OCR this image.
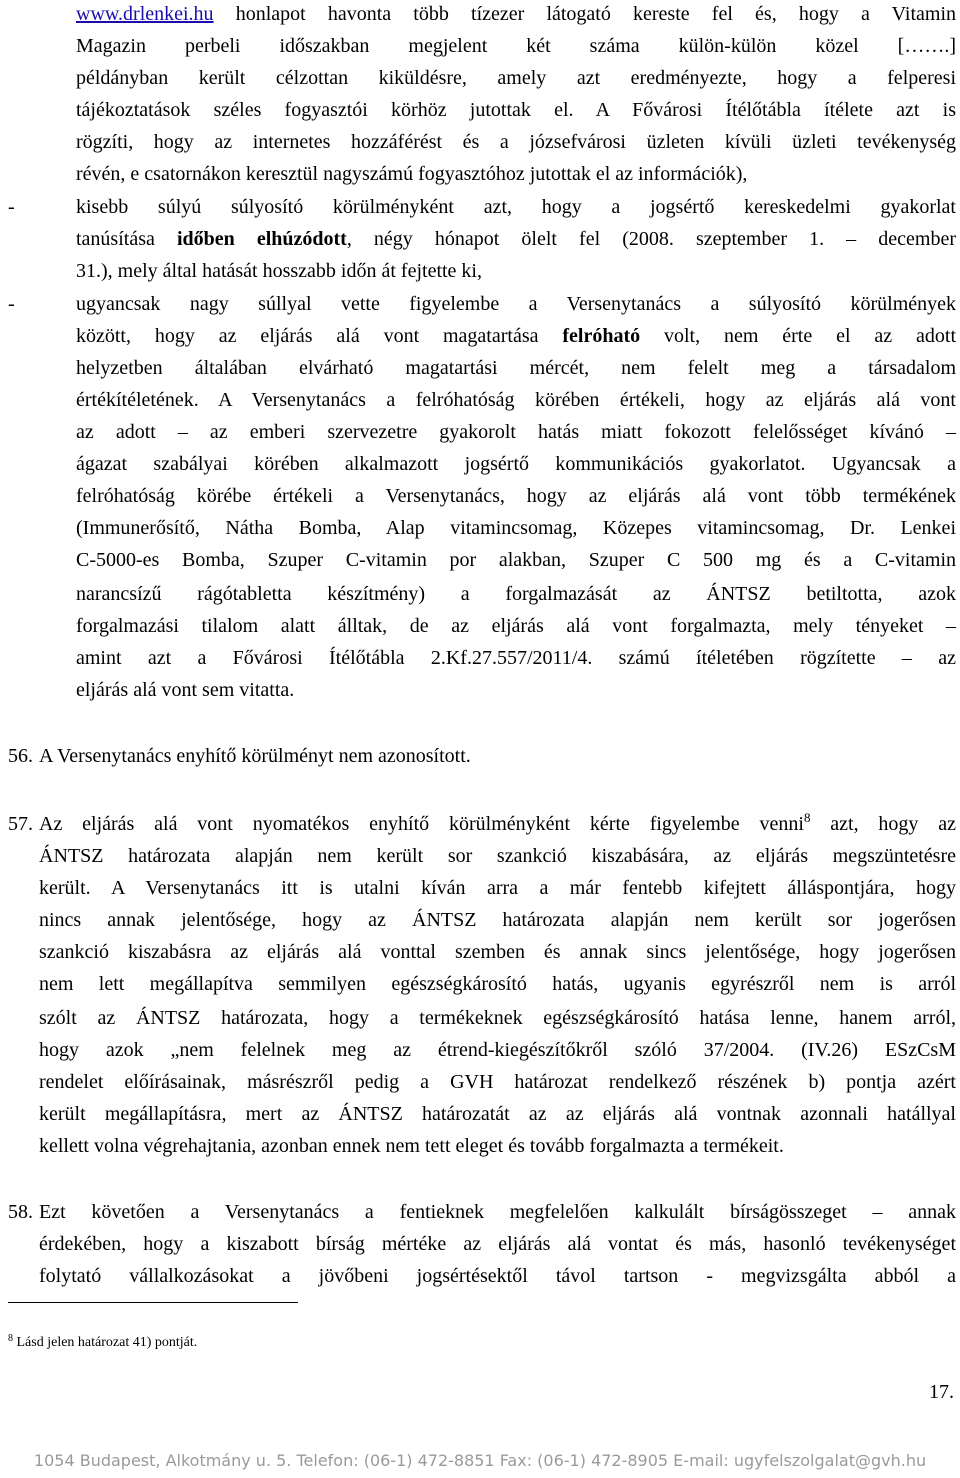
www.drlenkei.hu honlapot havonta több tízezer látogató kereste fel és, hogy a Vitamin

Magazin perbeli időszakban megjelent két száma külön-külön közel […….]

példányban került célzottan kiküldésre, amely azt eredményezte, hogy a felperesi

tájékoztatások széles fogyasztói körhöz jutottak el. A Fővárosi Ítélőtábla ítélete azt is

rögzíti, hogy az internetes hozzáférést és a józsefvárosi üzleten kívüli üzleti tevékenység

révén, e csatornákon keresztül nagyszámú fogyasztóhoz jutottak el az információk),

-	kisebb súlyú súlyosító körülményként azt, hogy a jogsértő kereskedelmi gyakorlat

tanúsítása időben elhúzódott, négy hónapot ölelt fel (2008. szeptember 1. – december

31.), mely által hatását hosszabb időn át fejtette ki,

-	ugyancsak nagy súllyal vette figyelembe a Versenytanács a súlyosító körülmények

között, hogy az eljárás alá vont magatartása felróható volt, nem érte el az adott

helyzetben általában elvárható magatartási mércét, nem felelt meg a társadalom

értékítéletének. A Versenytanács a felróhatóság körében értékeli, hogy az eljárás alá vont

az adott – az emberi szervezetre gyakorolt hatás miatt fokozott felelősséget kívánó –

ágazat szabályai körében alkalmazott jogsértő kommunikációs gyakorlatot. Ugyancsak a

felróhatóság körébe értékeli a Versenytanács, hogy az eljárás alá vont több termékének

(Immunerősítő, Nátha Bomba, Alap vitamincsomag, Közepes vitamincsomag, Dr. Lenkei

C-5000-es Bomba, Szuper C-vitamin por alakban, Szuper C 500 mg és a C-vitamin

narancsízű rágótabletta készítmény) a forgalmazását az ÁNTSZ betiltotta, azok

forgalmazási tilalom alatt álltak, de az eljárás alá vont forgalmazta, mely tényeket –

amint azt a Fővárosi Ítélőtábla 2.Kf.27.557/2011/4. számú ítéletében rögzítette – az

eljárás alá vont sem vitatta.

56. A Versenytanács enyhítő körülményt nem azonosított.

57. Az eljárás alá vont nyomatékos enyhítő körülményként kérte figyelembe venni$^8$ azt, hogy az

ÁNTSZ határozata alapján nem került sor szankció kiszabására, az eljárás megszüntetésre

került. A Versenytanács itt is utalni kíván arra a már fentebb kifejtett álláspontjára, hogy

nincs annak jelentősége, hogy az ÁNTSZ határozata alapján nem került sor jogerősen

szankció kiszabásra az eljárás alá vonttal szemben és annak sincs jelentősége, hogy jogerősen

nem lett megállapítva semmilyen egészségkárosító hatás, ugyanis egyrészről nem is arról

szólt az ÁNTSZ határozata, hogy a termékeknek egészségkárosító hatása lenne, hanem arról,

hogy azok „nem felelnek meg az étrend-kiegészítőkről szóló 37/2004. (IV.26) ESzCsM

rendelet előírásainak, másrészről pedig a GVH határozat rendelkező részének b) pontja azért

került megállapításra, mert az ÁNTSZ határozatát az az eljárás alá vontnak azonnali hatállyal

kellett volna végrehajtania, azonban ennek nem tett eleget és tovább forgalmazta a termékeit.

58. Ezt követően a Versenytanács a fentieknek megfelelően kalkulált bírságösszeget – annak

érdekében, hogy a kiszabott bírság mértéke az eljárás alá vontat és más, hasonló tevékenységet

folytató vállalkozásokat a jövőbeni jogsértésektől távol tartson - megvizsgálta abból a

$^8$ Lásd jelen határozat 41) pontját.

17.
1054 Budapest, Alkotmány u. 5. Telefon: (06-1) 472-8851 Fax: (06-1) 472-8905 E-mail: ugyfelszolgalat@gvh.hu
